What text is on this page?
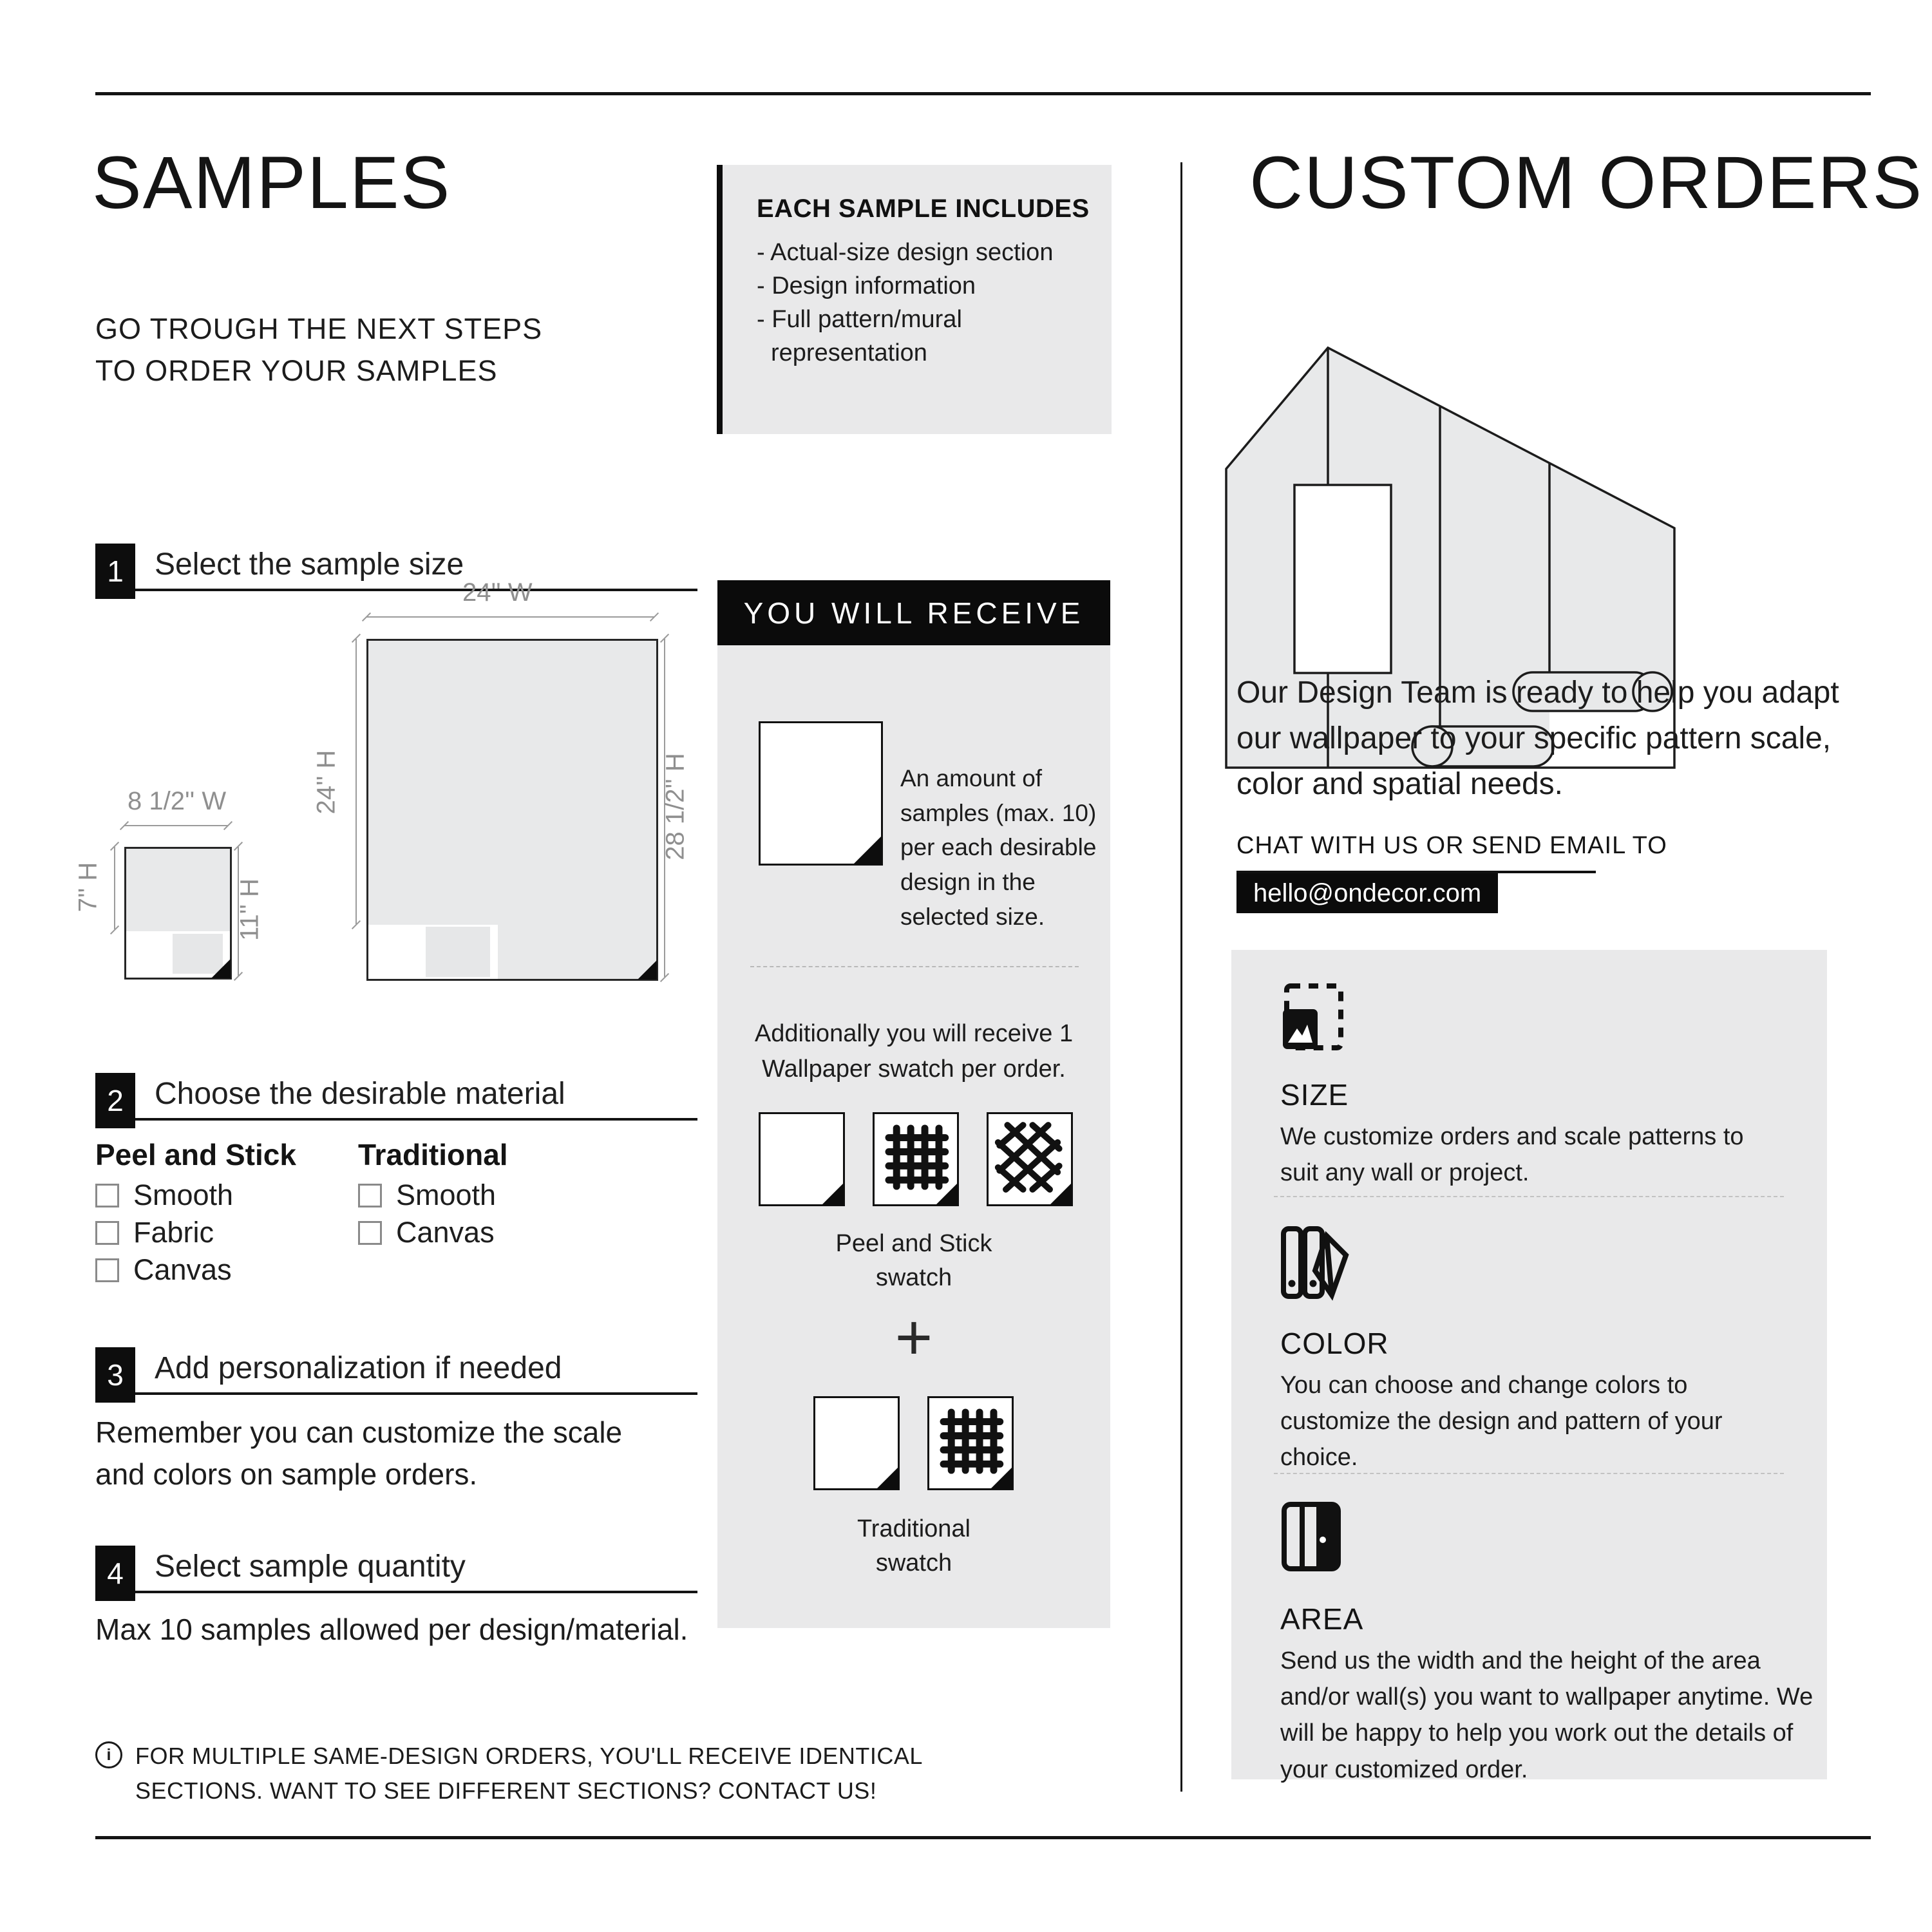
SAMPLES
GO TROUGH THE NEXT STEPS
TO ORDER YOUR SAMPLES
1	Select the sample size
24'' W
24'' H	28 1/2'' H
8 1/2'' W
7'' H	11'' H
2	Choose the desirable material
Peel and Stick
Smooth
Fabric
Canvas
Traditional
Smooth
Canvas
3	Add personalization if needed
Remember you can customize the scale
and colors on sample orders.
4	Select sample quantity
Max 10 samples allowed per design/material.
i	FOR MULTIPLE SAME-DESIGN ORDERS, YOU'LL RECEIVE IDENTICAL
SECTIONS. WANT TO SEE DIFFERENT SECTIONS? CONTACT US!
EACH SAMPLE INCLUDES
- Actual-size design section
- Design information
- Full pattern/mural
representation
YOU WILL RECEIVE
An amount of samples (max. 10) per each desirable design in the selected size.
Additionally you will receive 1 Wallpaper swatch per order.
Peel and Stick
swatch
+
Traditional
swatch
CUSTOM ORDERS
Our Design Team is ready to help you adapt our wallpaper to your specific pattern scale, color and spatial needs.
CHAT WITH US OR SEND EMAIL TO
hello@ondecor.com
SIZE
We customize orders and scale patterns to suit any wall or project.
COLOR
You can choose and change colors to customize the design and pattern of your choice.
AREA
Send us the width and the height of the area and/or wall(s) you want to wallpaper anytime. We will be happy to help you work out the details of your customized order.
